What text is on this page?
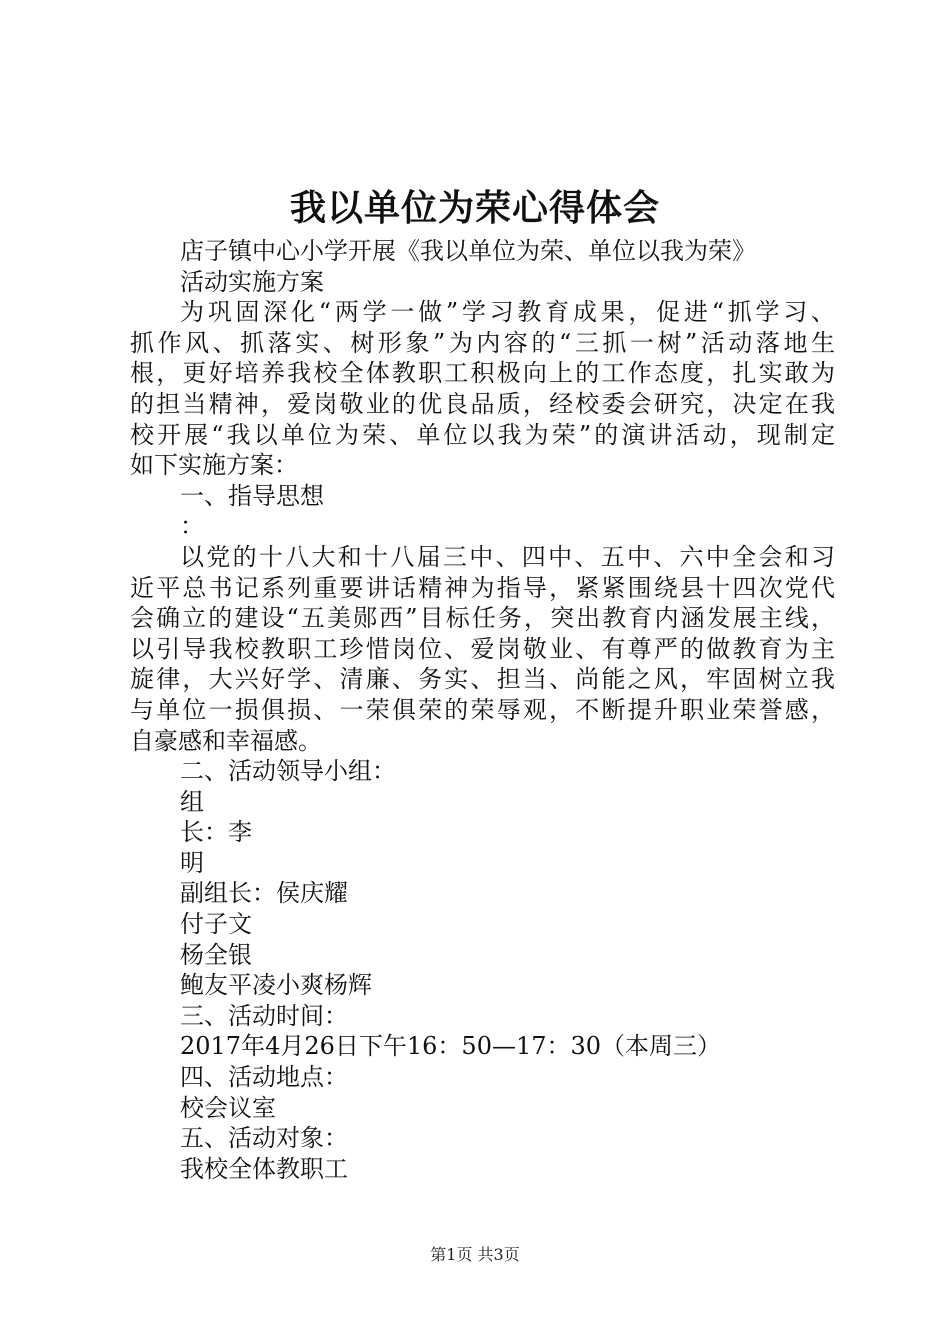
我以单位为荣心得体会
店子镇中心小学开展《我以单位为荣、单位以我为荣》
活动实施方案
为巩固深化“两学一做”学习教育成果，促进“抓学习、
抓作风、抓落实、树形象”为内容的“三抓一树”活动落地生
根，更好培养我校全体教职工积极向上的工作态度，扎实敢为
的担当精神，爱岗敬业的优良品质，经校委会研究，决定在我
校开展“我以单位为荣、单位以我为荣”的演讲活动，现制定
如下实施方案：
一、指导思想
：
以党的十八大和十八届三中、四中、五中、六中全会和习
近平总书记系列重要讲话精神为指导，紧紧围绕县十四次党代
会确立的建设“五美郧西”目标任务，突出教育内涵发展主线，
以引导我校教职工珍惜岗位、爱岗敬业、有尊严的做教育为主
旋律，大兴好学、清廉、务实、担当、尚能之风，牢固树立我
与单位一损俱损、一荣俱荣的荣辱观，不断提升职业荣誉感，
自豪感和幸福感。
二、活动领导小组：
组
长：李
明
副组长：侯庆耀
付子文
杨全银
鲍友平凌小爽杨辉
三、活动时间：
2017年4月26日下午16：50—17：30（本周三）
四、活动地点：
校会议室
五、活动对象：
我校全体教职工
第1页 共3页
